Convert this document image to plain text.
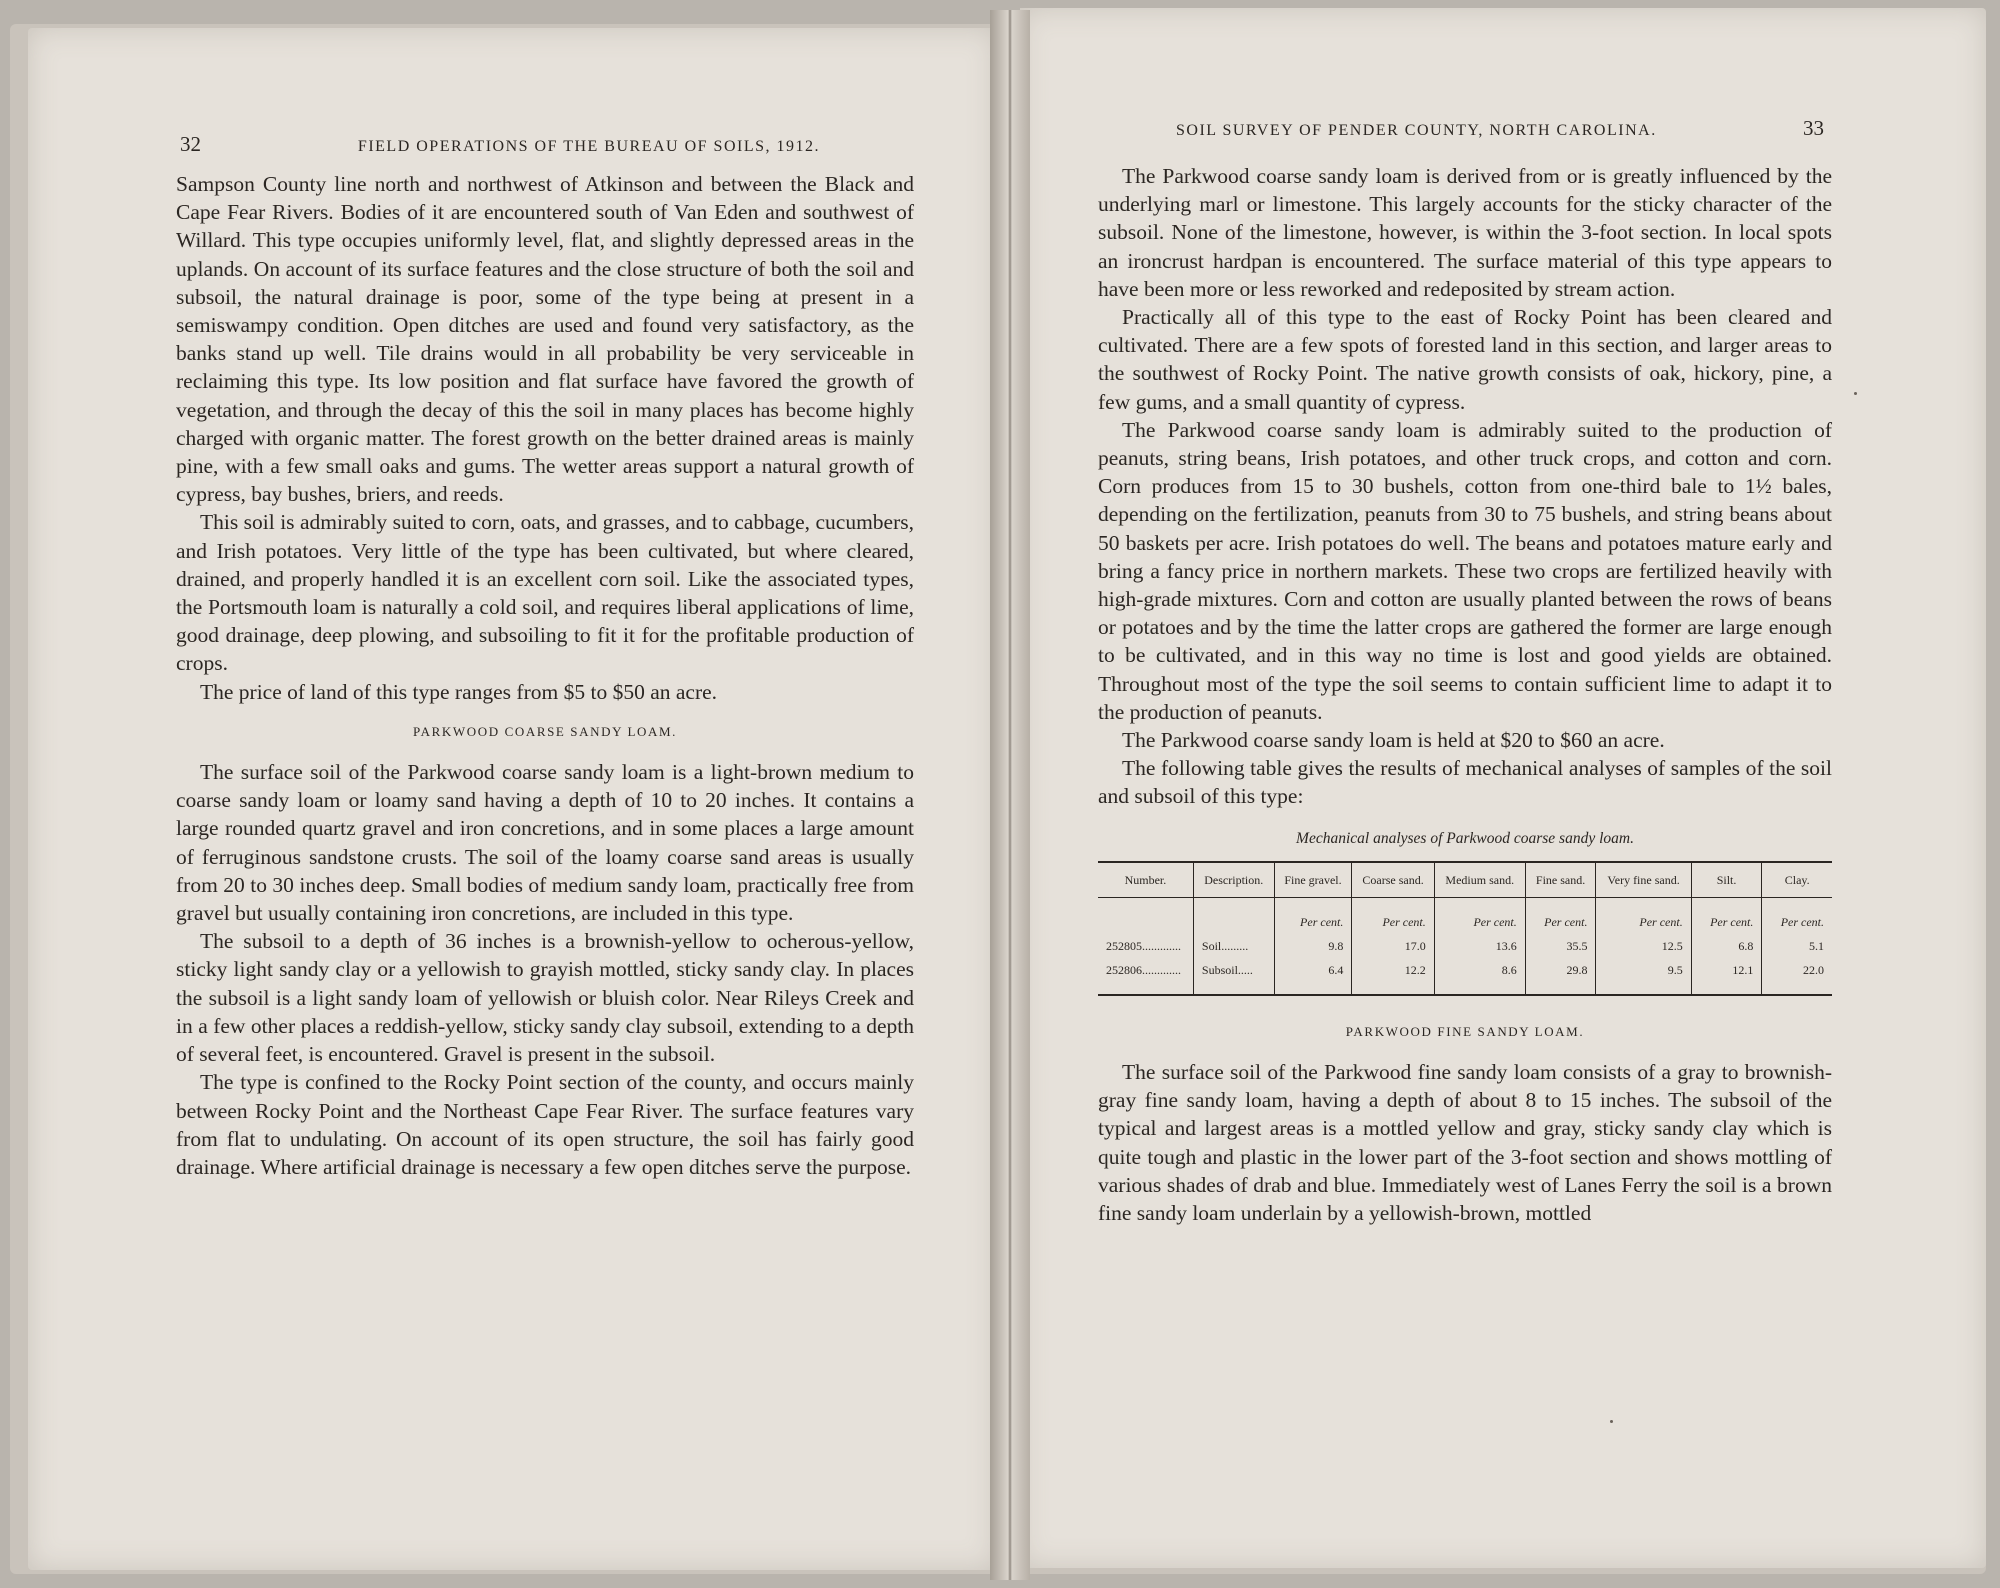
32	FIELD OPERATIONS OF THE BUREAU OF SOILS, 1912.

Sampson County line north and northwest of Atkinson and between the Black and Cape Fear Rivers. Bodies of it are encountered south of Van Eden and southwest of Willard. This type occupies uniformly level, flat, and slightly depressed areas in the uplands. On account of its surface features and the close structure of both the soil and subsoil, the natural drainage is poor, some of the type being at present in a semiswampy condition. Open ditches are used and found very satisfactory, as the banks stand up well. Tile drains would in all probability be very serviceable in reclaiming this type. Its low position and flat surface have favored the growth of vegetation, and through the decay of this the soil in many places has become highly charged with organic matter. The forest growth on the better drained areas is mainly pine, with a few small oaks and gums. The wetter areas support a natural growth of cypress, bay bushes, briers, and reeds.

This soil is admirably suited to corn, oats, and grasses, and to cabbage, cucumbers, and Irish potatoes. Very little of the type has been cultivated, but where cleared, drained, and properly handled it is an excellent corn soil. Like the associated types, the Portsmouth loam is naturally a cold soil, and requires liberal applications of lime, good drainage, deep plowing, and subsoiling to fit it for the profitable production of crops.

The price of land of this type ranges from $5 to $50 an acre.

PARKWOOD COARSE SANDY LOAM.

The surface soil of the Parkwood coarse sandy loam is a light-brown medium to coarse sandy loam or loamy sand having a depth of 10 to 20 inches. It contains a large rounded quartz gravel and iron concretions, and in some places a large amount of ferruginous sandstone crusts. The soil of the loamy coarse sand areas is usually from 20 to 30 inches deep. Small bodies of medium sandy loam, practically free from gravel but usually containing iron concretions, are included in this type.

The subsoil to a depth of 36 inches is a brownish-yellow to ocherous-yellow, sticky light sandy clay or a yellowish to grayish mottled, sticky sandy clay. In places the subsoil is a light sandy loam of yellowish or bluish color. Near Rileys Creek and in a few other places a reddish-yellow, sticky sandy clay subsoil, extending to a depth of several feet, is encountered. Gravel is present in the subsoil.

The type is confined to the Rocky Point section of the county, and occurs mainly between Rocky Point and the Northeast Cape Fear River. The surface features vary from flat to undulating. On account of its open structure, the soil has fairly good drainage. Where artificial drainage is necessary a few open ditches serve the purpose.

SOIL SURVEY OF PENDER COUNTY, NORTH CAROLINA.	33

The Parkwood coarse sandy loam is derived from or is greatly influenced by the underlying marl or limestone. This largely accounts for the sticky character of the subsoil. None of the limestone, however, is within the 3-foot section. In local spots an ironcrust hardpan is encountered. The surface material of this type appears to have been more or less reworked and redeposited by stream action.

Practically all of this type to the east of Rocky Point has been cleared and cultivated. There are a few spots of forested land in this section, and larger areas to the southwest of Rocky Point. The native growth consists of oak, hickory, pine, a few gums, and a small quantity of cypress.

The Parkwood coarse sandy loam is admirably suited to the production of peanuts, string beans, Irish potatoes, and other truck crops, and cotton and corn. Corn produces from 15 to 30 bushels, cotton from one-third bale to 1½ bales, depending on the fertilization, peanuts from 30 to 75 bushels, and string beans about 50 baskets per acre. Irish potatoes do well. The beans and potatoes mature early and bring a fancy price in northern markets. These two crops are fertilized heavily with high-grade mixtures. Corn and cotton are usually planted between the rows of beans or potatoes and by the time the latter crops are gathered the former are large enough to be cultivated, and in this way no time is lost and good yields are obtained. Throughout most of the type the soil seems to contain sufficient lime to adapt it to the production of peanuts.

The Parkwood coarse sandy loam is held at $20 to $60 an acre.

The following table gives the results of mechanical analyses of samples of the soil and subsoil of this type:

Mechanical analyses of Parkwood coarse sandy loam.
Number.	Description.	Fine gravel.	Coarse sand.	Medium sand.	Fine sand.	Very fine sand.	Silt.	Clay.
		Per cent.	Per cent.	Per cent.	Per cent.	Per cent.	Per cent.	Per cent.
252805.............	Soil.........	9.8	17.0	13.6	35.5	12.5	6.8	5.1
252806.............	Subsoil.....	6.4	12.2	8.6	29.8	9.5	12.1	22.0
PARKWOOD FINE SANDY LOAM.

The surface soil of the Parkwood fine sandy loam consists of a gray to brownish-gray fine sandy loam, having a depth of about 8 to 15 inches. The subsoil of the typical and largest areas is a mottled yellow and gray, sticky sandy clay which is quite tough and plastic in the lower part of the 3-foot section and shows mottling of various shades of drab and blue. Immediately west of Lanes Ferry the soil is a brown fine sandy loam underlain by a yellowish-brown, mottled
